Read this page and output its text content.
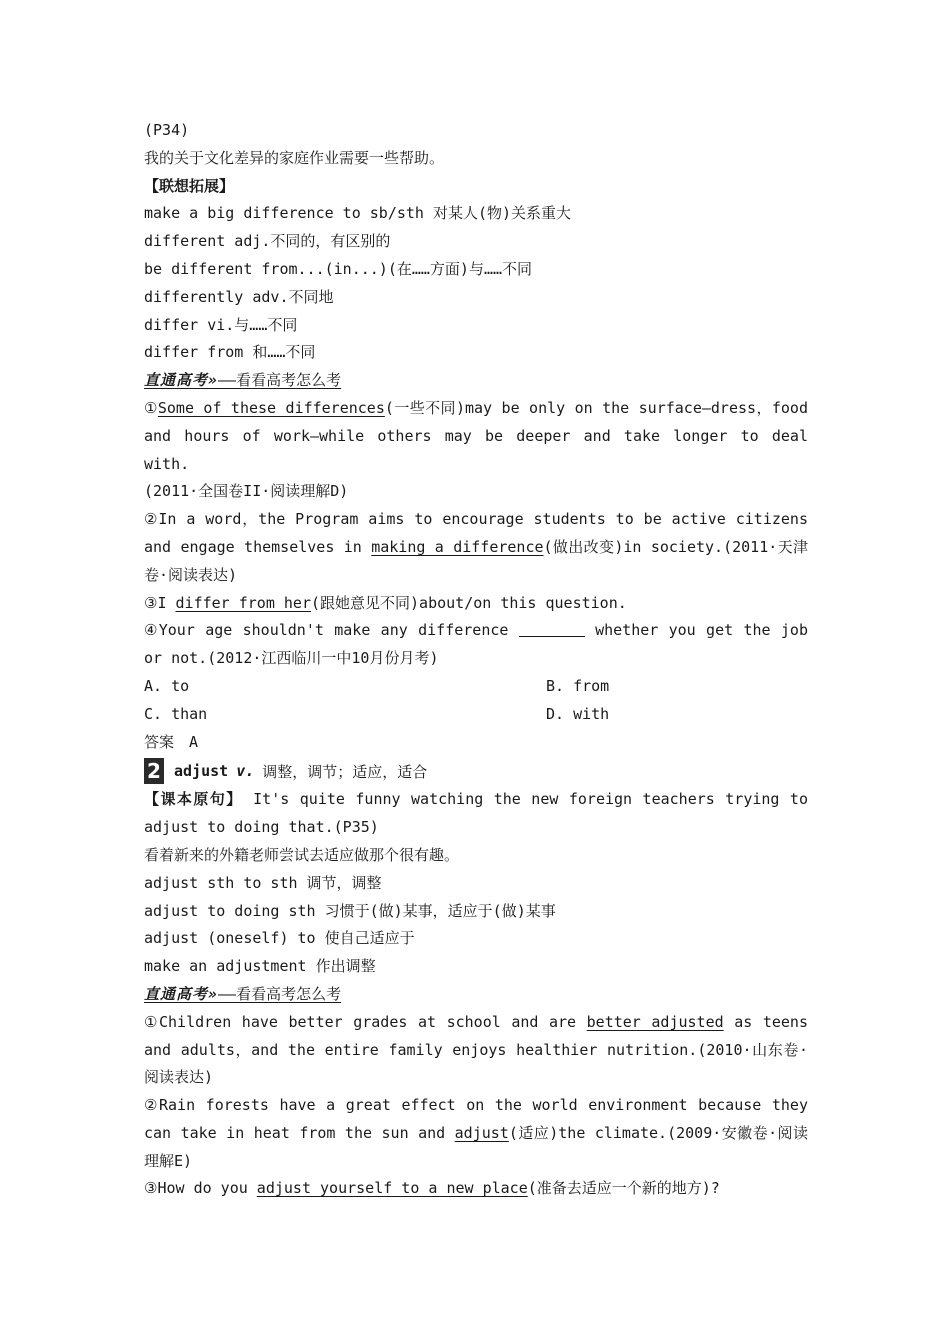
(P34)
我的关于文化差异的家庭作业需要一些帮助。
【联想拓展】
make a big difference to sb/sth 对某人(物)关系重大
different adj.不同的，有区别的
be different from...(in...)(在……方面)与……不同
differently adv.不同地
differ vi.与……不同
differ from 和……不同
直通高考»——看看高考怎么考
①Some of these differences(一些不同)may be only on the surface—dress，food and hours of work—while others may be deeper and take longer to deal with.
(2011·全国卷II·阅读理解D)
②In a word，the Program aims to encourage students to be active citizens and engage themselves in making a difference(做出改变)in society.(2011·天津卷·阅读表达)
③I differ from her(跟她意见不同)about/on this question.
④Your age shouldn't make any difference	whether you get the job or not.(2012·江西临川一中10月份月考)
A. to	B. from
C. than	D. with
答案　A
2 adjust v. 调整，调节；适应，适合
【课本原句】 It's quite funny watching the new foreign teachers trying to adjust to doing that.(P35)
看着新来的外籍老师尝试去适应做那个很有趣。
adjust sth to sth 调节，调整
adjust to doing sth 习惯于(做)某事，适应于(做)某事
adjust (oneself) to 使自己适应于
make an adjustment 作出调整
直通高考»——看看高考怎么考
①Children have better grades at school and are better adjusted as teens and adults，and the entire family enjoys healthier nutrition.(2010·山东卷·阅读表达)
②Rain forests have a great effect on the world environment because they can take in heat from the sun and adjust(适应)the climate.(2009·安徽卷·阅读理解E)
③How do you adjust yourself to a new place(准备去适应一个新的地方)?
